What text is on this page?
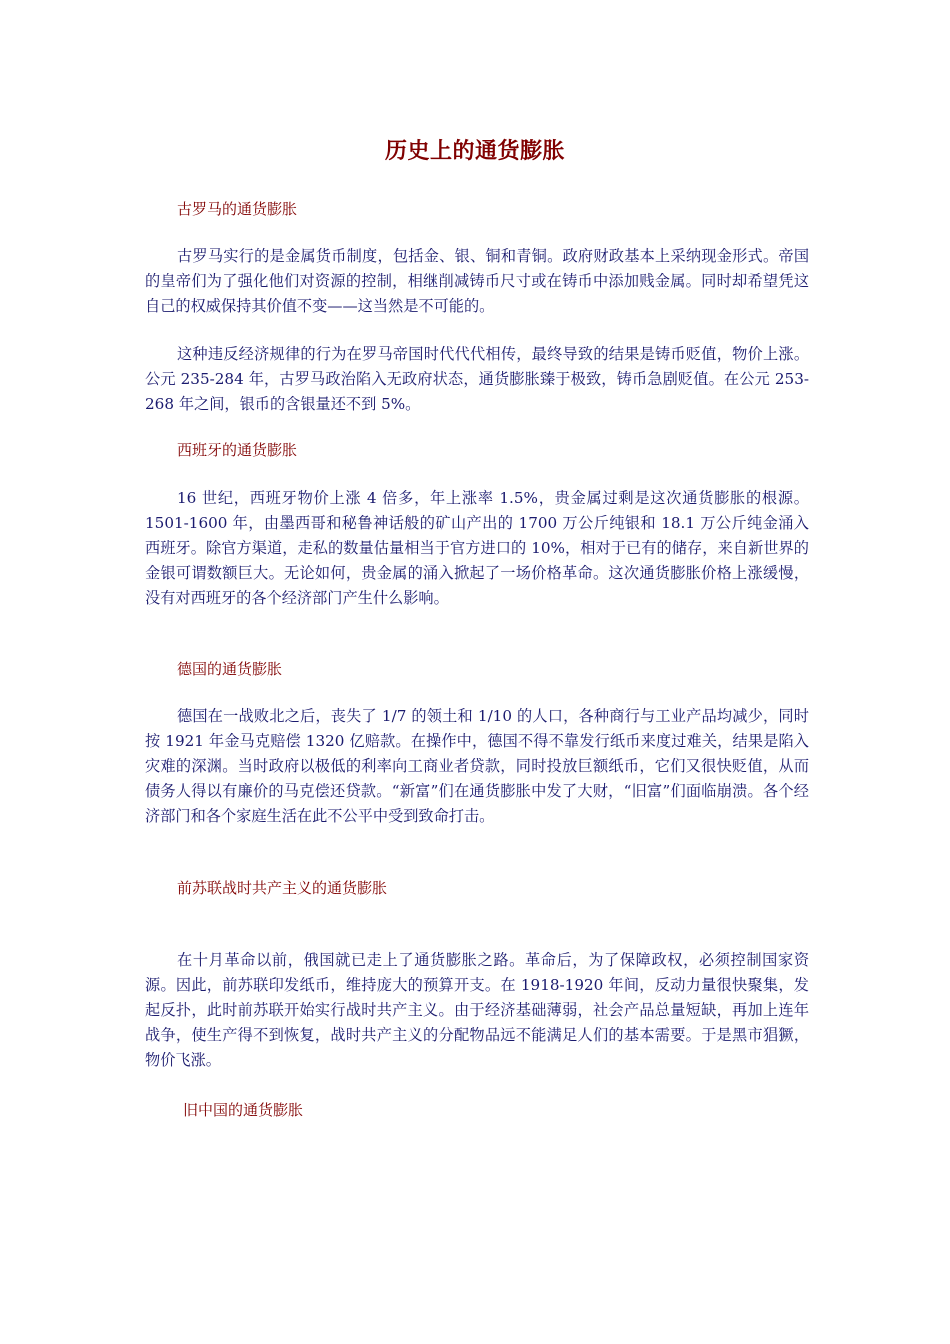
历史上的通货膨胀
古罗马的通货膨胀

古罗马实行的是金属货币制度，包括金、银、铜和青铜。政府财政基本上采纳现金形式。帝国的皇帝们为了强化他们对资源的控制，相继削减铸币尺寸或在铸币中添加贱金属。同时却希望凭这自己的权威保持其价值不变——这当然是不可能的。

这种违反经济规律的行为在罗马帝国时代代代相传，最终导致的结果是铸币贬值，物价上涨。公元 235-284 年，古罗马政治陷入无政府状态，通货膨胀臻于极致，铸币急剧贬值。在公元 253-268 年之间，银币的含银量还不到 5%。

西班牙的通货膨胀

16 世纪，西班牙物价上涨 4 倍多，年上涨率 1.5%，贵金属过剩是这次通货膨胀的根源。1501-1600 年，由墨西哥和秘鲁神话般的矿山产出的 1700 万公斤纯银和 18.1 万公斤纯金涌入西班牙。除官方渠道，走私的数量估量相当于官方进口的 10%，相对于已有的储存，来自新世界的金银可谓数额巨大。无论如何，贵金属的涌入掀起了一场价格革命。这次通货膨胀价格上涨缓慢，没有对西班牙的各个经济部门产生什么影响。

德国的通货膨胀

德国在一战败北之后，丧失了 1/7 的领土和 1/10 的人口，各种商行与工业产品均减少，同时按 1921 年金马克赔偿 1320 亿赔款。在操作中，德国不得不靠发行纸币来度过难关，结果是陷入灾难的深渊。当时政府以极低的利率向工商业者贷款，同时投放巨额纸币，它们又很快贬值，从而债务人得以有廉价的马克偿还贷款。“新富”们在通货膨胀中发了大财，“旧富”们面临崩溃。各个经济部门和各个家庭生活在此不公平中受到致命打击。

前苏联战时共产主义的通货膨胀

在十月革命以前，俄国就已走上了通货膨胀之路。革命后，为了保障政权，必须控制国家资源。因此，前苏联印发纸币，维持庞大的预算开支。在 1918-1920 年间，反动力量很快聚集，发起反扑，此时前苏联开始实行战时共产主义。由于经济基础薄弱，社会产品总量短缺，再加上连年战争，使生产得不到恢复，战时共产主义的分配物品远不能满足人们的基本需要。于是黑市猖獗，物价飞涨。

旧中国的通货膨胀
